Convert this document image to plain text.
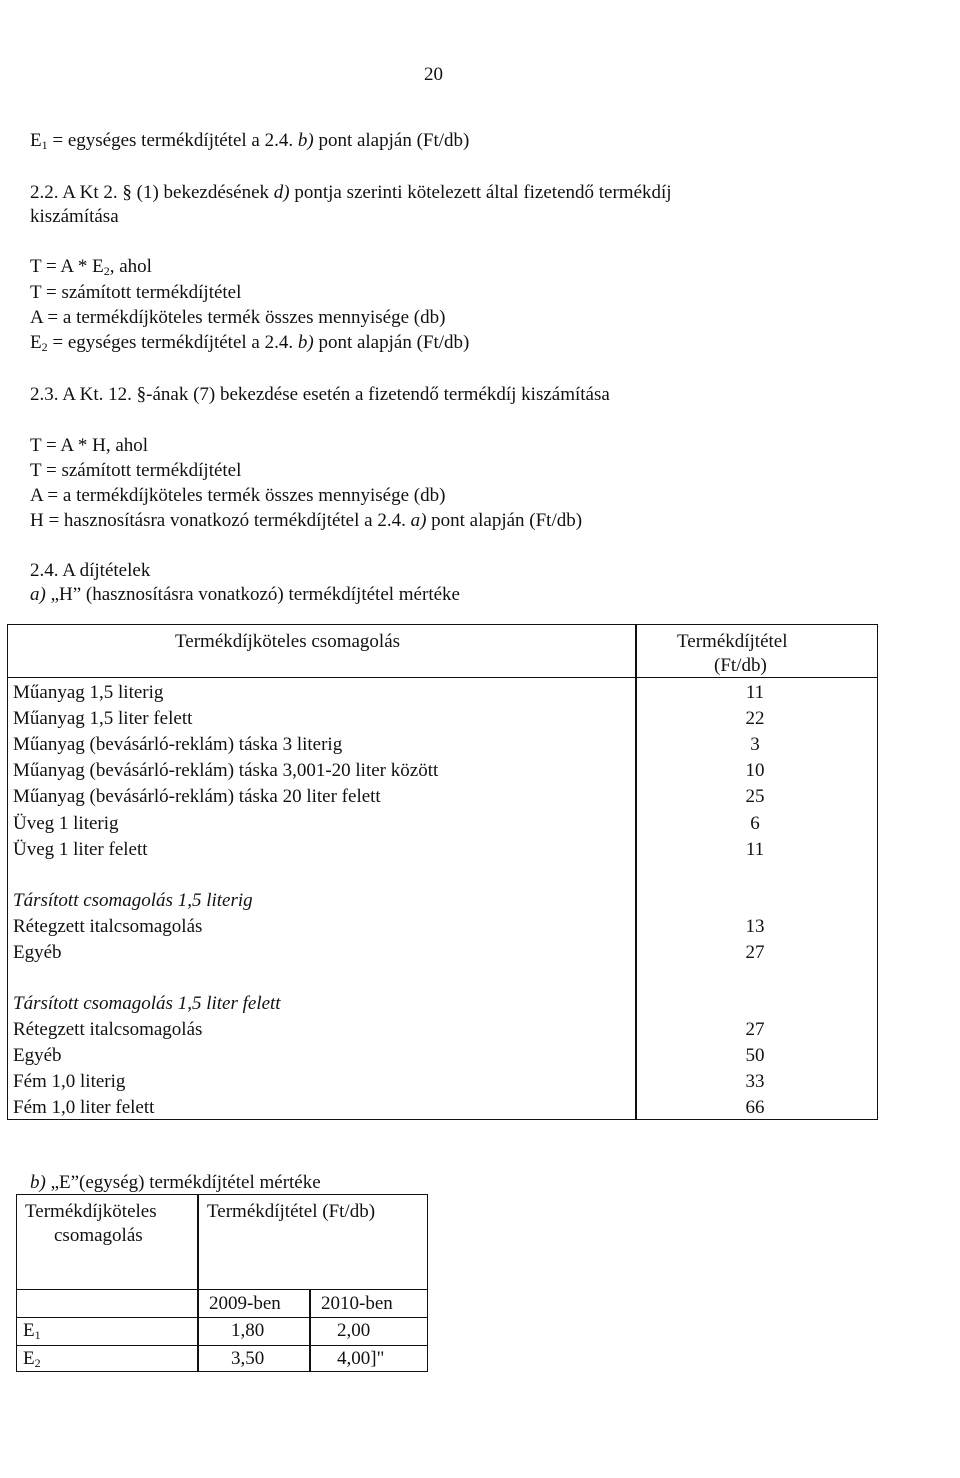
20
$E_1$ = egységes termékdíjtétel a 2.4. b) pont alapján (Ft/db)
2.2. A Kt 2. § (1) bekezdésének d) pontja szerinti kötelezett által fizetendő termékdíj
kiszámítása
$T = A * E_2$, ahol
T = számított termékdíjtétel
A = a termékdíjköteles termék összes mennyisége (db)
$E_2$ = egységes termékdíjtétel a 2.4. b) pont alapján (Ft/db)
2.3. A Kt. 12. §-ának (7) bekezdése esetén a fizetendő termékdíj kiszámítása
T = A * H, ahol
T = számított termékdíjtétel
A = a termékdíjköteles termék összes mennyisége (db)
H = hasznosításra vonatkozó termékdíjtétel a 2.4. a) pont alapján (Ft/db)
2.4. A díjtételek
a) „H” (hasznosításra vonatkozó) termékdíjtétel mértéke
Termékdíjköteles csomagolás	Termékdíjtétel
(Ft/db)
Műanyag 1,5 literig	11
Műanyag 1,5 liter felett	22
Műanyag (bevásárló-reklám) táska 3 literig	3
Műanyag (bevásárló-reklám) táska 3,001-20 liter között	10
Műanyag (bevásárló-reklám) táska 20 liter felett	25
Üveg 1 literig	6
Üveg 1 liter felett	11
Társított csomagolás 1,5 literig
Rétegzett italcsomagolás	13
Egyéb	27
Társított csomagolás 1,5 liter felett
Rétegzett italcsomagolás	27
Egyéb	50
Fém 1,0 literig	33
Fém 1,0 liter felett	66
b) „E”(egység) termékdíjtétel mértéke
Termékdíjköteles
csomagolás
Termékdíjtétel (Ft/db)
2009-ben 2010-ben
$E_1$	1,80	2,00
$E_2$	3,50	4,00]"
